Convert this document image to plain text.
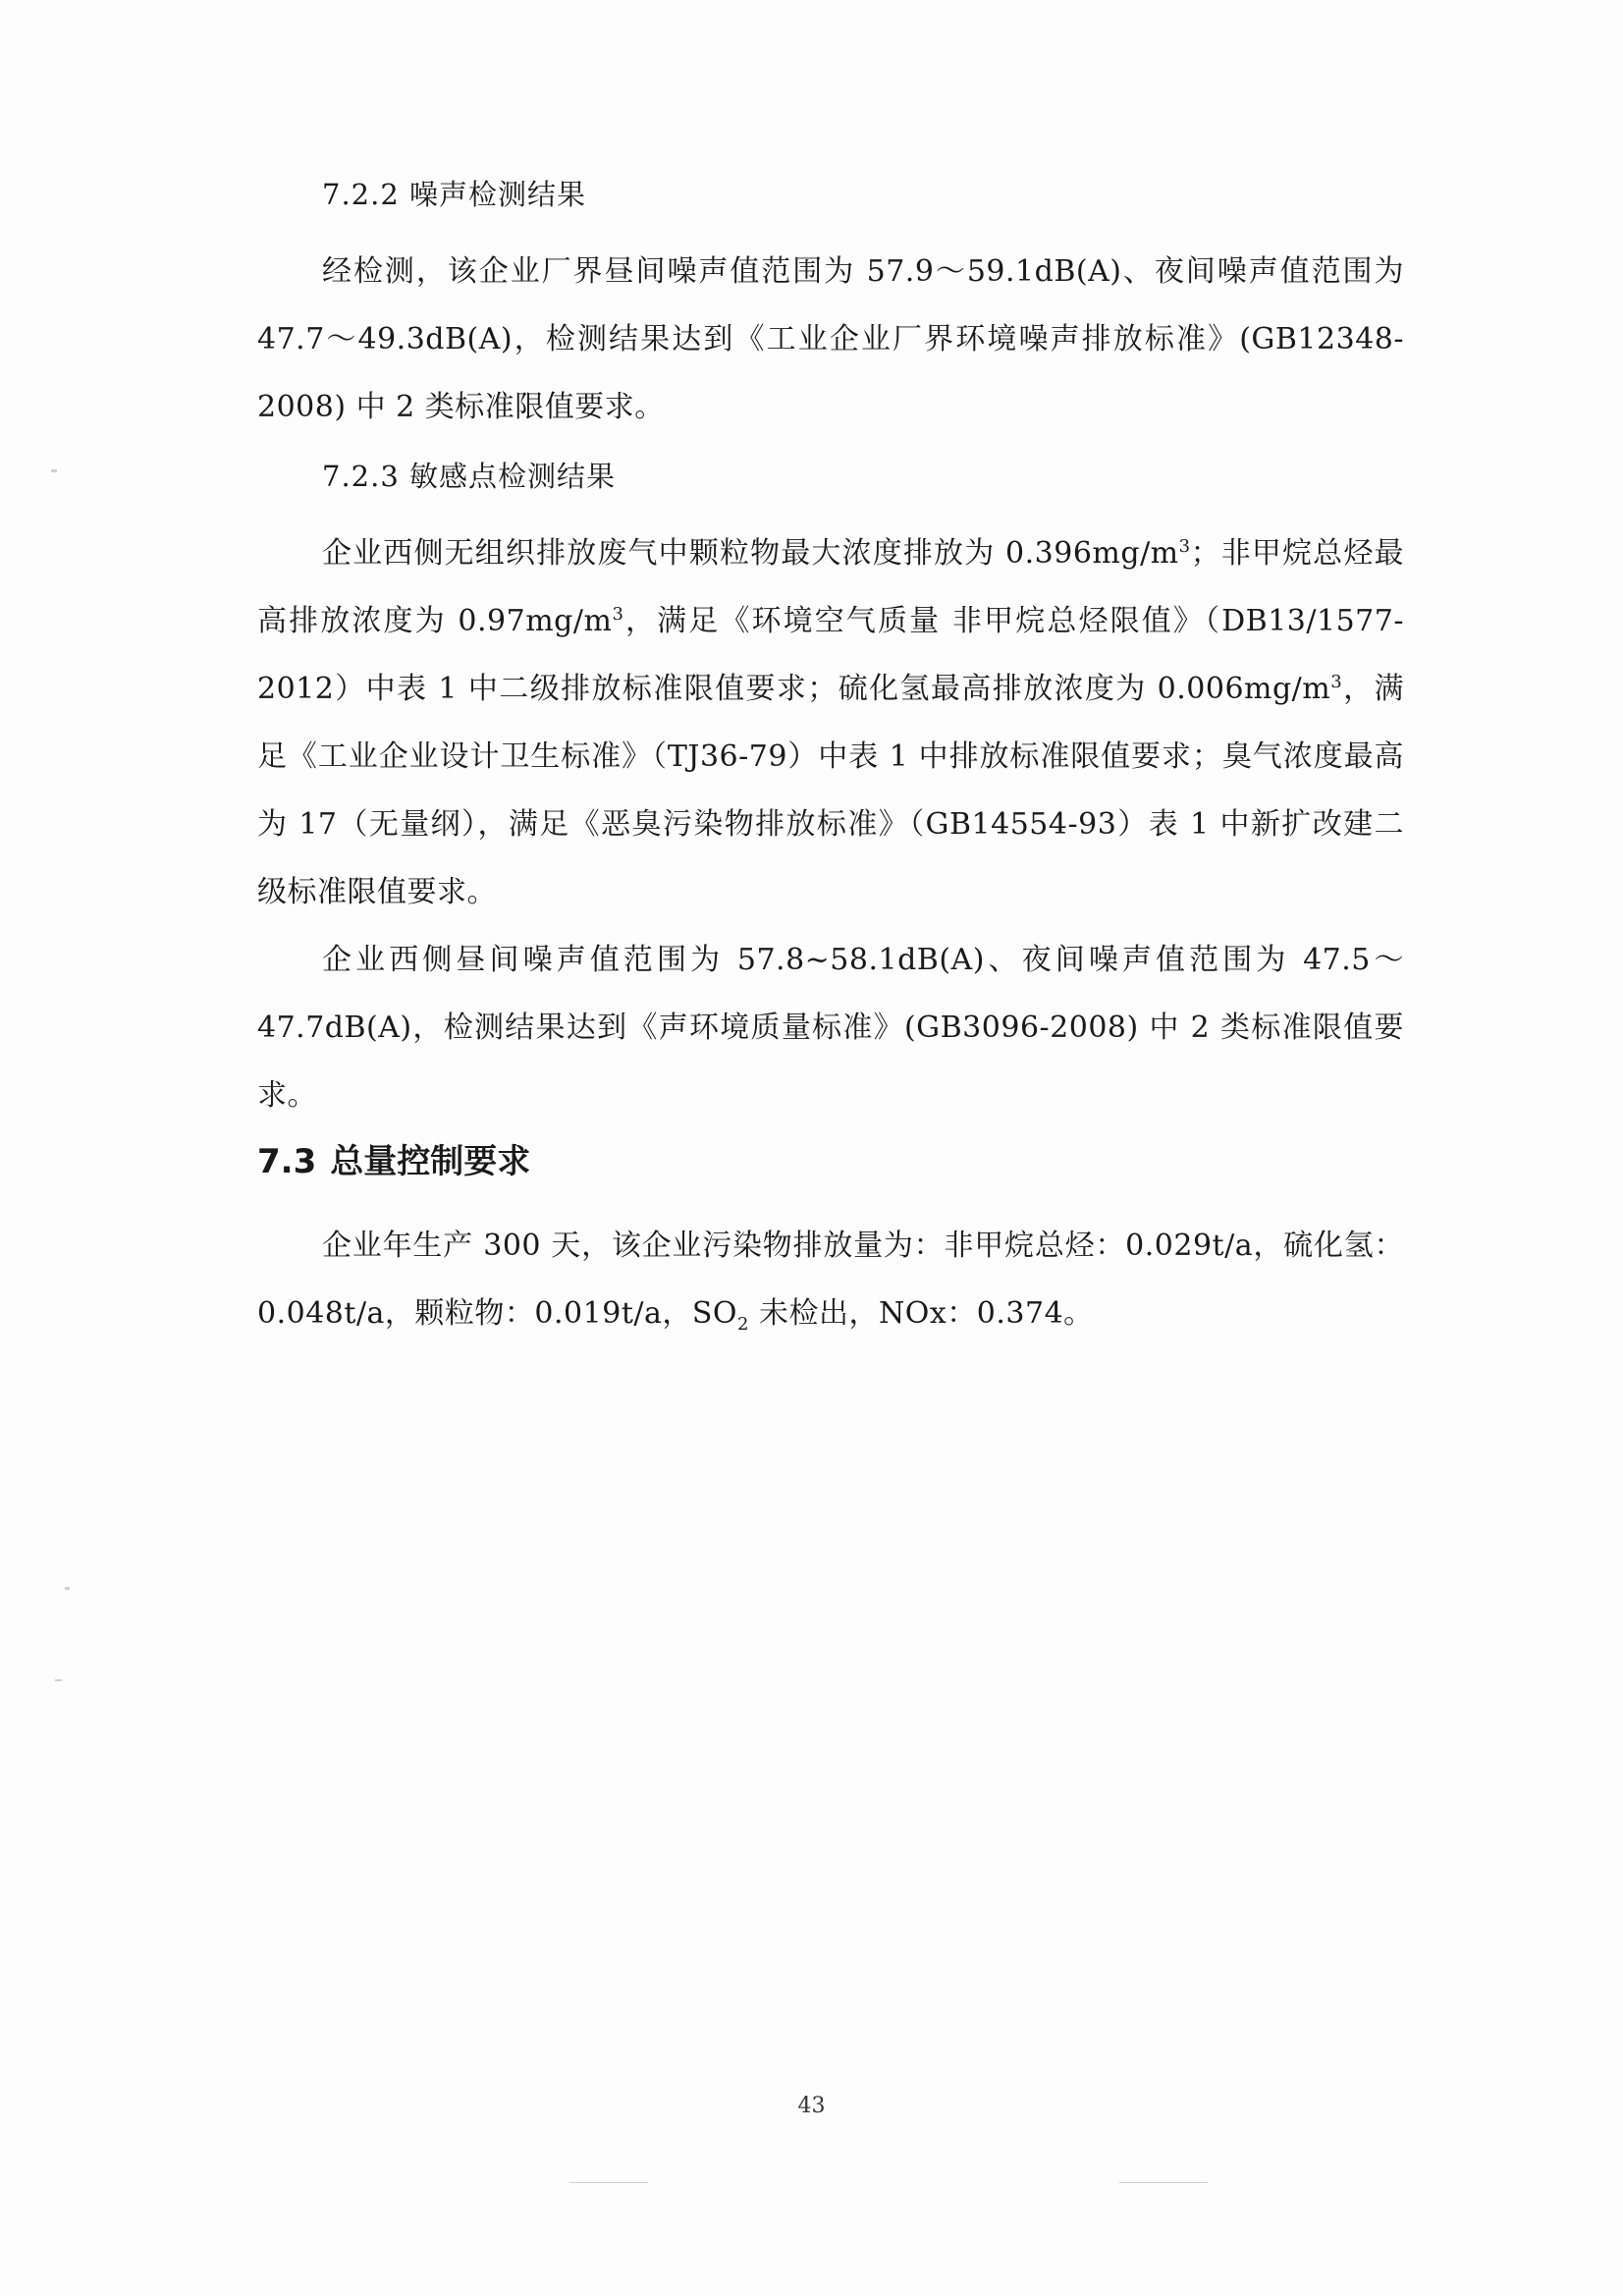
7.2.2 噪声检测结果

经检测，该企业厂界昼间噪声值范围为 57.9～59.1dB(A)、夜间噪声值范围为 47.7～49.3dB(A)，检测结果达到《工业企业厂界环境噪声排放标准》(GB12348-2008) 中 2 类标准限值要求。

7.2.3 敏感点检测结果

企业西侧无组织排放废气中颗粒物最大浓度排放为 $0.396mg/m^3$；非甲烷总烃最高排放浓度为 $0.97mg/m^3$，满足《环境空气质量 非甲烷总烃限值》（DB13/1577-2012）中表 1 中二级排放标准限值要求；硫化氢最高排放浓度为 $0.006mg/m^3$，满足《工业企业设计卫生标准》（TJ36-79）中表 1 中排放标准限值要求；臭气浓度最高为 17（无量纲），满足《恶臭污染物排放标准》（GB14554-93）表 1 中新扩改建二级标准限值要求。

企业西侧昼间噪声值范围为 57.8~58.1dB(A)、夜间噪声值范围为 47.5～47.7dB(A)，检测结果达到《声环境质量标准》(GB3096-2008) 中 2 类标准限值要求。

7.3 总量控制要求

企业年生产 300 天，该企业污染物排放量为：非甲烷总烃：0.029t/a，硫化氢：0.048t/a，颗粒物：0.019t/a，$SO_2$ 未检出，NOx：0.374。

43
